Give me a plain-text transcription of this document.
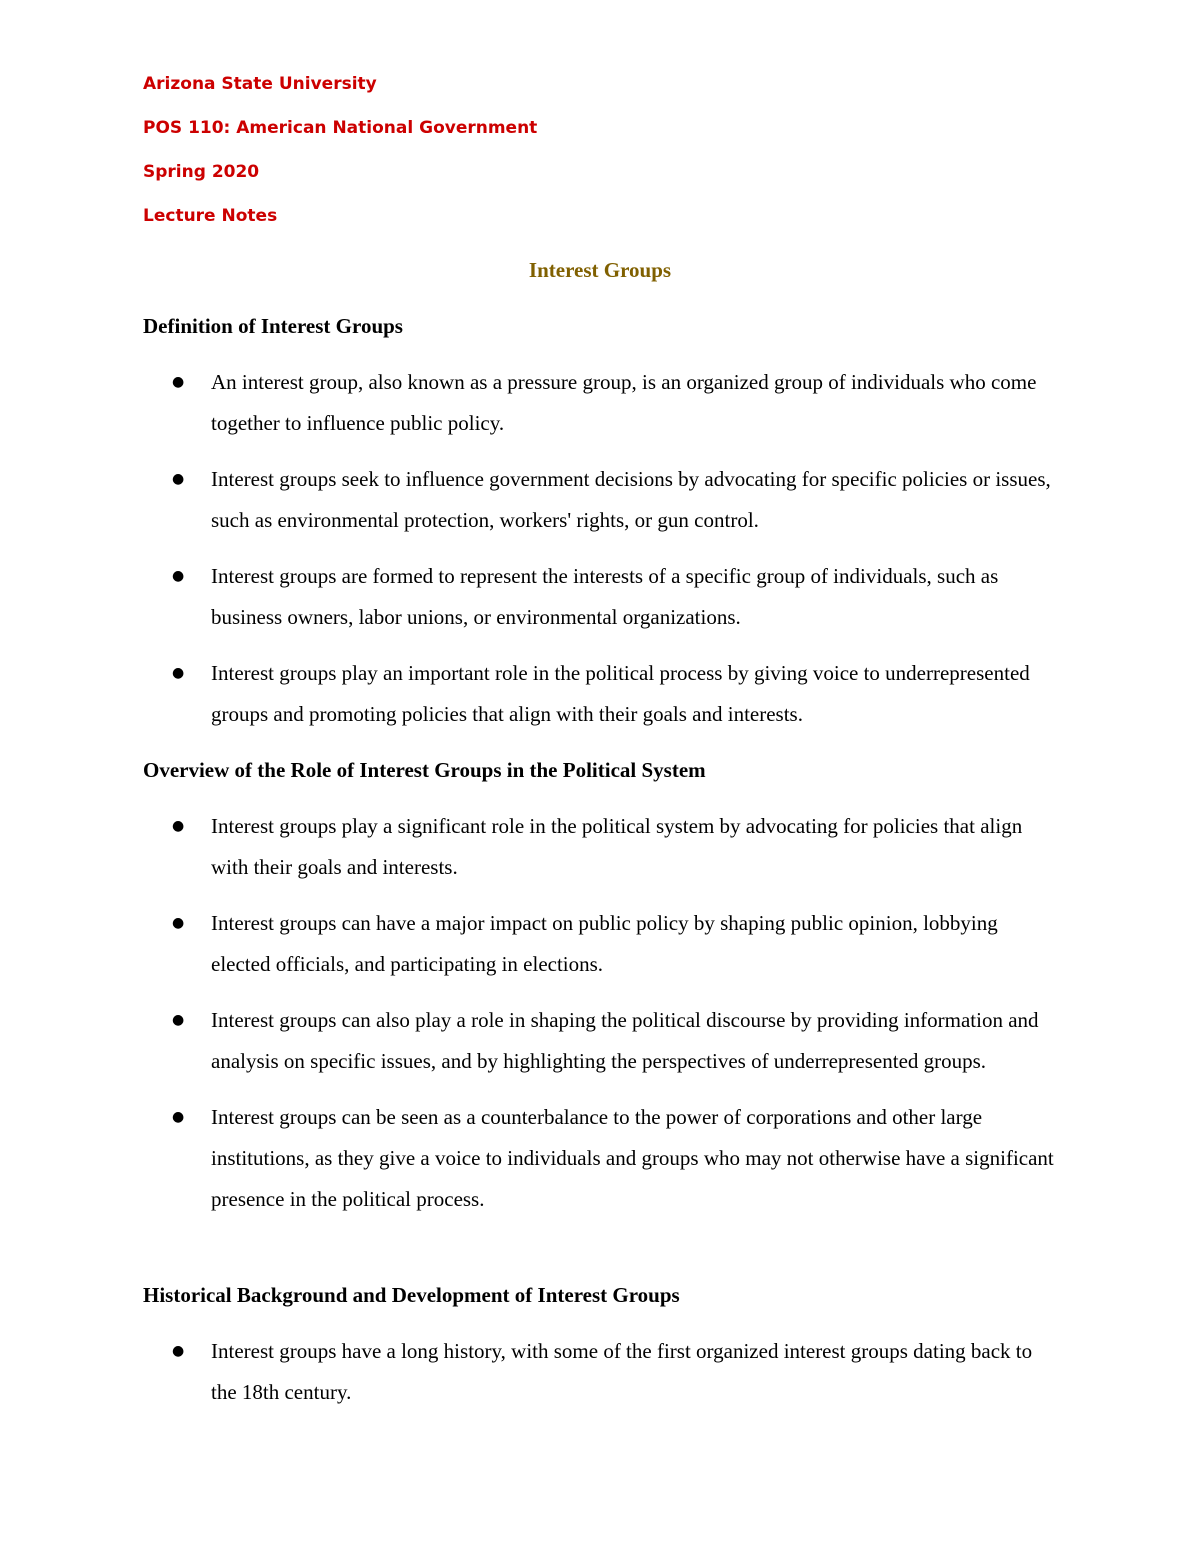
Arizona State University

POS 110: American National Government

Spring 2020

Lecture Notes

Interest Groups
Definition of Interest Groups
● An interest group, also known as a pressure group, is an organized group of individuals who come together to influence public policy.
● Interest groups seek to influence government decisions by advocating for specific policies or issues, such as environmental protection, workers' rights, or gun control.
● Interest groups are formed to represent the interests of a specific group of individuals, such as business owners, labor unions, or environmental organizations.
● Interest groups play an important role in the political process by giving voice to underrepresented groups and promoting policies that align with their goals and interests.
Overview of the Role of Interest Groups in the Political System
● Interest groups play a significant role in the political system by advocating for policies that align with their goals and interests.
● Interest groups can have a major impact on public policy by shaping public opinion, lobbying elected officials, and participating in elections.
● Interest groups can also play a role in shaping the political discourse by providing information and analysis on specific issues, and by highlighting the perspectives of underrepresented groups.
● Interest groups can be seen as a counterbalance to the power of corporations and other large institutions, as they give a voice to individuals and groups who may not otherwise have a significant presence in the political process.
Historical Background and Development of Interest Groups
● Interest groups have a long history, with some of the first organized interest groups dating back to the 18th century.
